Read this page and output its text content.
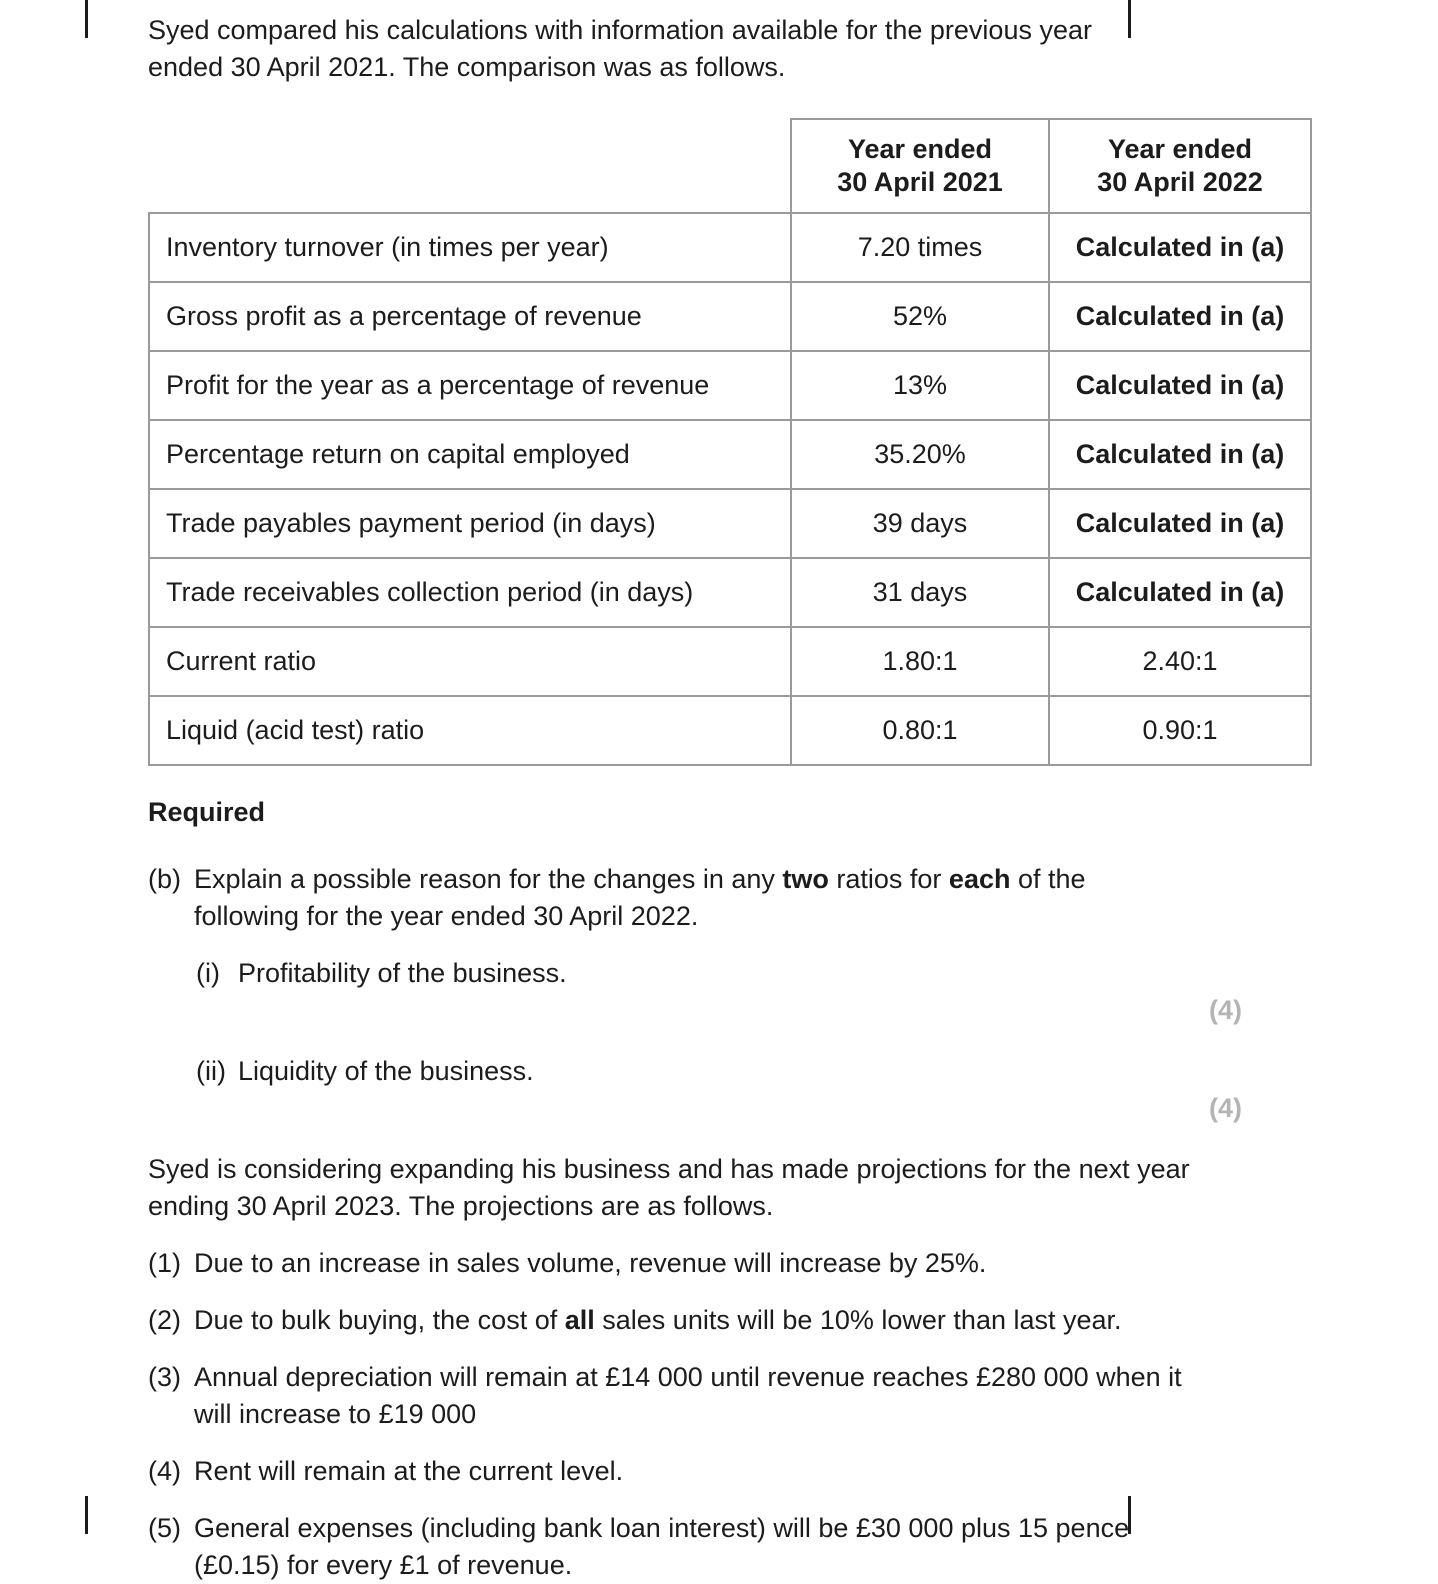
Syed compared his calculations with information available for the previous year ended 30 April 2021. The comparison was as follows.

	Year ended
30 April 2021	Year ended
30 April 2022
Inventory turnover (in times per year)	7.20 times	Calculated in (a)
Gross profit as a percentage of revenue	52%	Calculated in (a)
Profit for the year as a percentage of revenue	13%	Calculated in (a)
Percentage return on capital employed	35.20%	Calculated in (a)
Trade payables payment period (in days)	39 days	Calculated in (a)
Trade receivables collection period (in days)	31 days	Calculated in (a)
Current ratio	1.80:1	2.40:1
Liquid (acid test) ratio	0.80:1	0.90:1

Required

(b) Explain a possible reason for the changes in any two ratios for each of the following for the year ended 30 April 2022.
(i) Profitability of the business.
(4)
(ii) Liquidity of the business.
(4)

Syed is considering expanding his business and has made projections for the next year ending 30 April 2023. The projections are as follows.

(1) Due to an increase in sales volume, revenue will increase by 25%.
(2) Due to bulk buying, the cost of all sales units will be 10% lower than last year.
(3) Annual depreciation will remain at £14 000 until revenue reaches £280 000 when it will increase to £19 000
(4) Rent will remain at the current level.
(5) General expenses (including bank loan interest) will be £30 000 plus 15 pence (£0.15) for every £1 of revenue.
